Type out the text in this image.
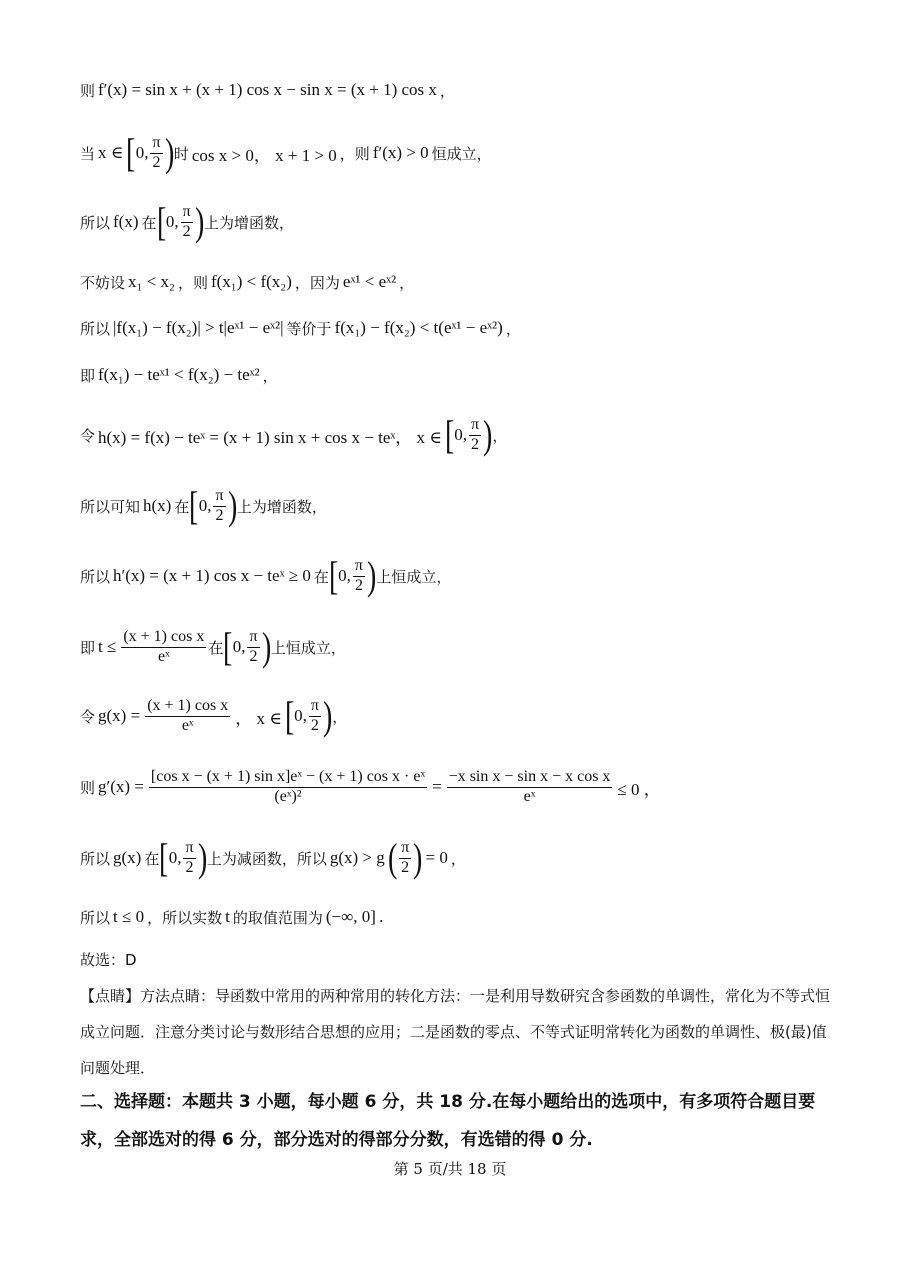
则 f′(x) = sin x + (x + 1) cos x − sin x = (x + 1) cos x ，
当 x ∈ [ 0, $\frac{\pi}{2}$ ) 时 cos x > 0， x + 1 > 0 ，则 f′(x) > 0 恒成立，
所以 f(x) 在 [ 0, $\frac{\pi}{2}$ ) 上为增函数，
不妨设 x₁ < x₂ ，则 f(x₁) < f(x₂) ，因为 eˣ¹ < eˣ² ，
所以 |f(x₁) − f(x₂)| > t|eˣ¹ − eˣ²| 等价于 f(x₁) − f(x₂) < t(eˣ¹ − eˣ²) ，
即 f(x₁) − teˣ¹ < f(x₂) − teˣ² ，
令 h(x) = f(x) − teˣ = (x + 1) sin x + cos x − teˣ， x ∈ [ 0, $\frac{\pi}{2}$ ) ，
所以可知 h(x) 在 [ 0, $\frac{\pi}{2}$ ) 上为增函数，
所以 h′(x) = (x + 1) cos x − teˣ ≥ 0 在 [ 0, $\frac{\pi}{2}$ ) 上恒成立，
即 $t \le \frac{\text{(x + 1) cos x}}{\text{eˣ}}$ 在 [ 0, $\frac{\pi}{2}$ ) 上恒成立，
令 $g(x) = \frac{\text{(x + 1) cos x}}{\text{eˣ}}$ ， x ∈ [ 0, $\frac{\pi}{2}$ ) ，
则 $g'(x) = \frac{\text{[cos x − (x + 1) sin x]eˣ − (x + 1) cos x · eˣ}}{\text{(eˣ)²}} = \frac{\text{−x sin x − sin x − x cos x}}{\text{eˣ}} \le 0$ ，
所以 g(x) 在 [ 0, $\frac{\pi}{2}$ ) 上为减函数，所以 g(x) > g ( $\frac{\pi}{2}$ ) = 0 ，
所以 t ≤ 0 ，所以实数 t 的取值范围为 (−∞, 0] .
故选：D
【点睛】方法点睛：导函数中常用的两种常用的转化方法：一是利用导数研究含参函数的单调性，常化为不等式恒成立问题．注意分类讨论与数形结合思想的应用；二是函数的零点、不等式证明常转化为函数的单调性、极(最)值问题处理．
二、选择题：本题共 3 小题，每小题 6 分，共 18 分.在每小题给出的选项中，有多项符合题目要求，全部选对的得 6 分，部分选对的得部分分数，有选错的得 0 分.
第 5 页/共 18 页
